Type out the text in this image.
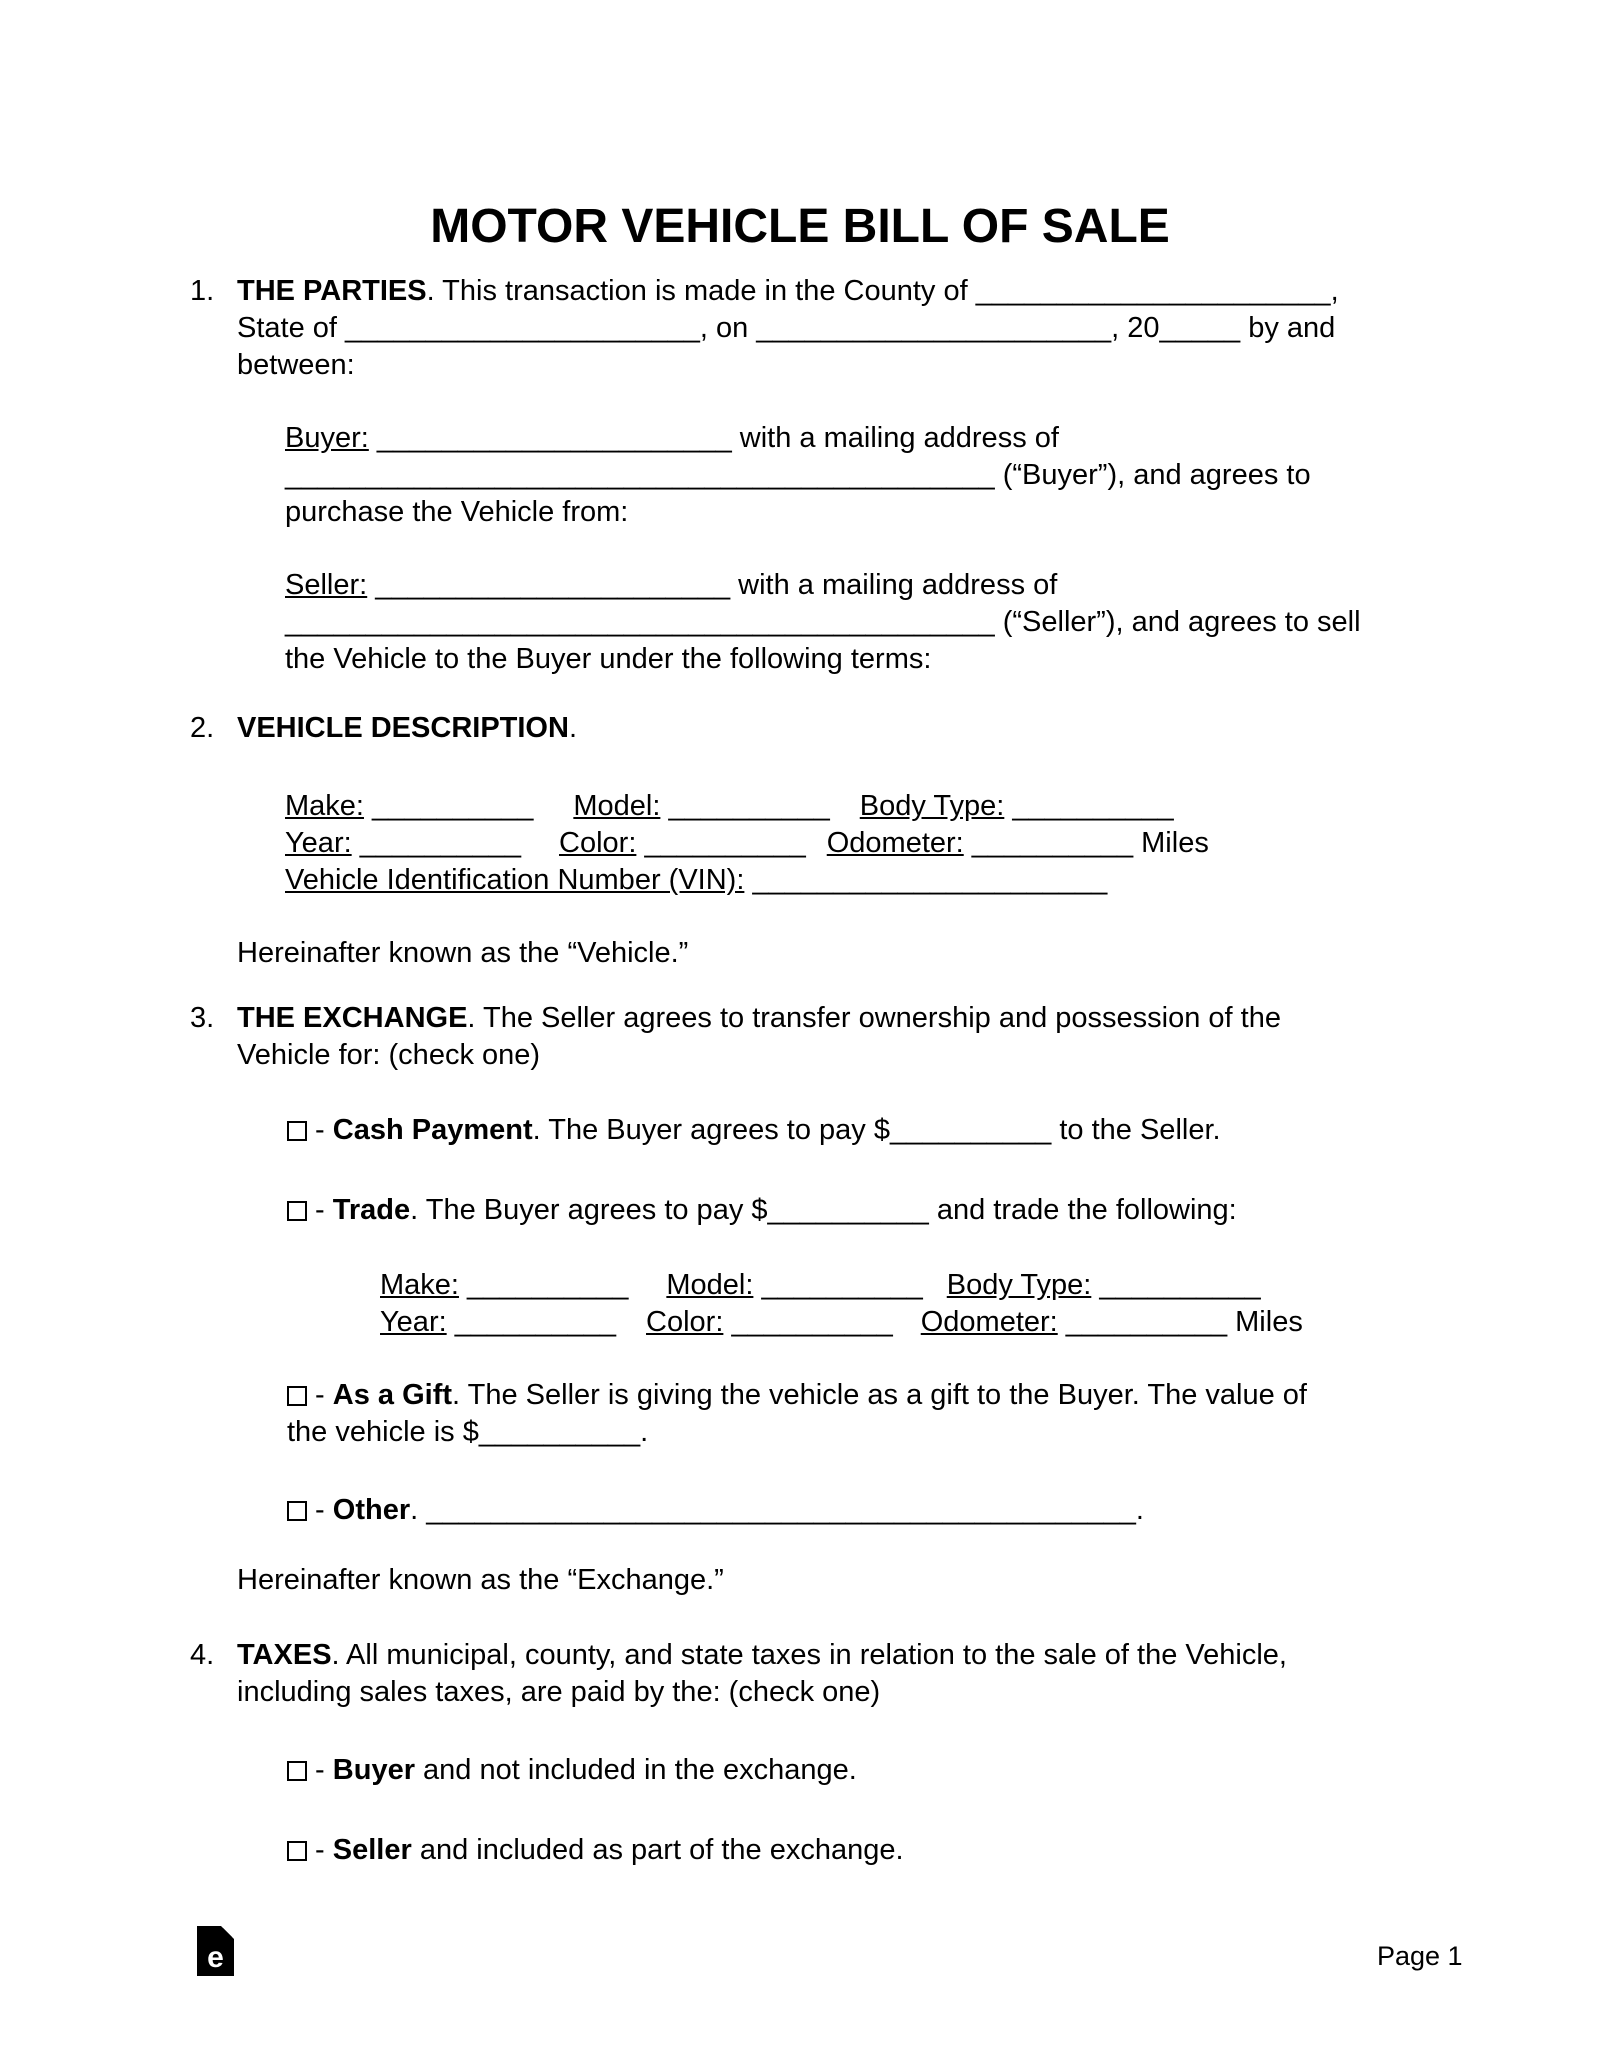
MOTOR VEHICLE BILL OF SALE
1. THE PARTIES. This transaction is made in the County of ______________________,
State of ______________________, on ______________________, 20_____ by and
between:
Buyer: ______________________ with a mailing address of
____________________________________________ (“Buyer”), and agrees to
purchase the Vehicle from:
Seller: ______________________ with a mailing address of
____________________________________________ (“Seller”), and agrees to sell
the Vehicle to the Buyer under the following terms:
2. VEHICLE DESCRIPTION.
Make: __________ Model: __________ Body Type: __________
Year: __________ Color: __________ Odometer: __________ Miles
Vehicle Identification Number (VIN): ______________________
Hereinafter known as the “Vehicle.”
3. THE EXCHANGE. The Seller agrees to transfer ownership and possession of the
Vehicle for: (check one)
- Cash Payment. The Buyer agrees to pay $__________ to the Seller.
- Trade. The Buyer agrees to pay $__________ and trade the following:
Make: __________ Model: __________ Body Type: __________
Year: __________ Color: __________ Odometer: __________ Miles
- As a Gift. The Seller is giving the vehicle as a gift to the Buyer. The value of
the vehicle is $__________.
- Other. ____________________________________________.
Hereinafter known as the “Exchange.”
4. TAXES. All municipal, county, and state taxes in relation to the sale of the Vehicle,
including sales taxes, are paid by the: (check one)
- Buyer and not included in the exchange.
- Seller and included as part of the exchange.
e	Page 1
